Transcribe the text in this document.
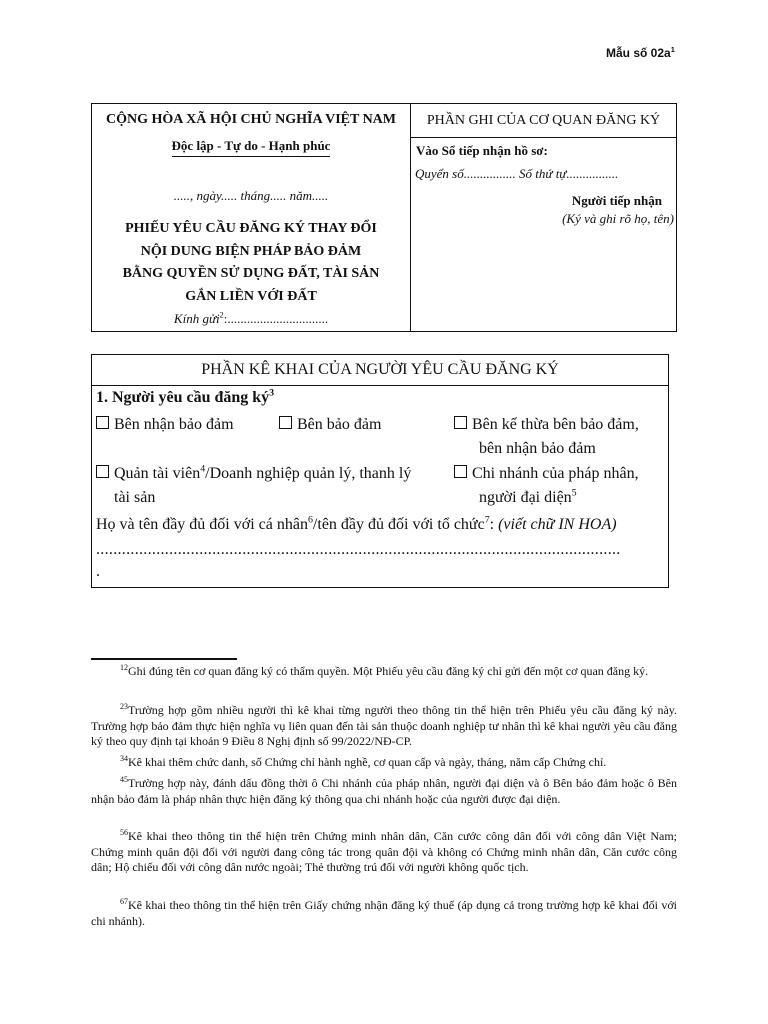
Mẫu số $02a^1$
CỘNG HÒA XÃ HỘI CHỦ NGHĨA VIỆT NAM
Độc lập - Tự do - Hạnh phúc
....., ngày..... tháng..... năm.....
PHIẾU YÊU CẦU ĐĂNG KÝ THAY ĐỔI
NỘI DUNG BIỆN PHÁP BẢO ĐẢM
BẰNG QUYỀN SỬ DỤNG ĐẤT, TÀI SẢN
GẮN LIỀN VỚI ĐẤT
Kính gửi$^2$:...............................
PHẦN GHI CỦA CƠ QUAN ĐĂNG KÝ
Vào Sổ tiếp nhận hồ sơ:
Quyển số................ Số thứ tự................
Người tiếp nhận
(Ký và ghi rõ họ, tên)
PHẦN KÊ KHAI CỦA NGƯỜI YÊU CẦU ĐĂNG KÝ
1. Người yêu cầu đăng $ký^3$
Bên nhận bảo đảm	Bên bảo đảm	Bên kế thừa bên bảo đảm,
bên nhận bảo đảm
Quản tài viên$^4$/Doanh nghiệp quản lý, thanh lý
tài sản
Chi nhánh của pháp nhân,
người đại diện$^5$
Họ và tên đầy đủ đối với cá nhân$^6$/tên đầy đủ đối với tổ chức$^7$: (viết chữ IN HOA)
..........................................................................................................................
.
$^{12}$Ghi đúng tên cơ quan đăng ký có thẩm quyền. Một Phiếu yêu cầu đăng ký chỉ gửi đến một cơ quan đăng ký.
$^{23}$Trường hợp gồm nhiều người thì kê khai từng người theo thông tin thể hiện trên Phiếu yêu cầu đăng ký này. Trường hợp bảo đảm thực hiện nghĩa vụ liên quan đến tài sản thuộc doanh nghiệp tư nhân thì kê khai người yêu cầu đăng ký theo quy định tại khoản 9 Điều 8 Nghị định số 99/2022/NĐ-CP.
$^{34}$Kê khai thêm chức danh, số Chứng chỉ hành nghề, cơ quan cấp và ngày, tháng, năm cấp Chứng chỉ.
$^{45}$Trường hợp này, đánh dấu đồng thời ô Chi nhánh của pháp nhân, người đại diện và ô Bên bảo đảm hoặc ô Bên nhận bảo đảm là pháp nhân thực hiện đăng ký thông qua chi nhánh hoặc của người được đại diện.
$^{56}$Kê khai theo thông tin thể hiện trên Chứng minh nhân dân, Căn cước công dân đối với công dân Việt Nam; Chứng minh quân đội đối với người đang công tác trong quân đội và không có Chứng minh nhân dân, Căn cước công dân; Hộ chiếu đối với công dân nước ngoài; Thẻ thường trú đối với người không quốc tịch.
$^{67}$Kê khai theo thông tin thể hiện trên Giấy chứng nhận đăng ký thuế (áp dụng cả trong trường hợp kê khai đối với chi nhánh).
